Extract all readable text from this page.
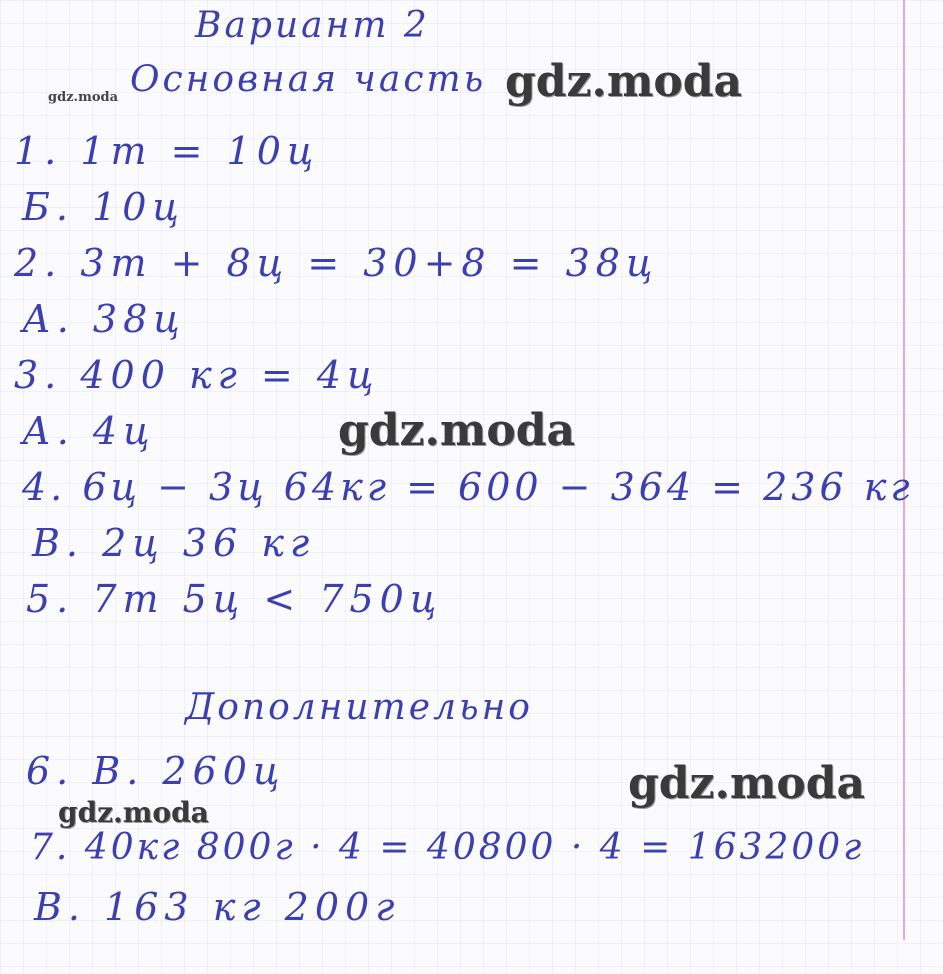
Вариант 2
Основная часть
1. 1т = 10ц
Б. 10ц
2. 3т + 8ц = 30+8 = 38ц
А. 38ц
3. 400 кг = 4ц
А. 4ц
4. 6ц − 3ц 64кг = 600 − 364 = 236 кг
В. 2ц 36 кг
5. 7т 5ц < 750ц
Дополнительно
6. В. 260ц
7. 40кг 800г · 4 = 40800 · 4 = 163200г
В. 163 кг 200г
gdz.moda	gdz.moda
gdz.moda
gdz.moda
gdz.moda
